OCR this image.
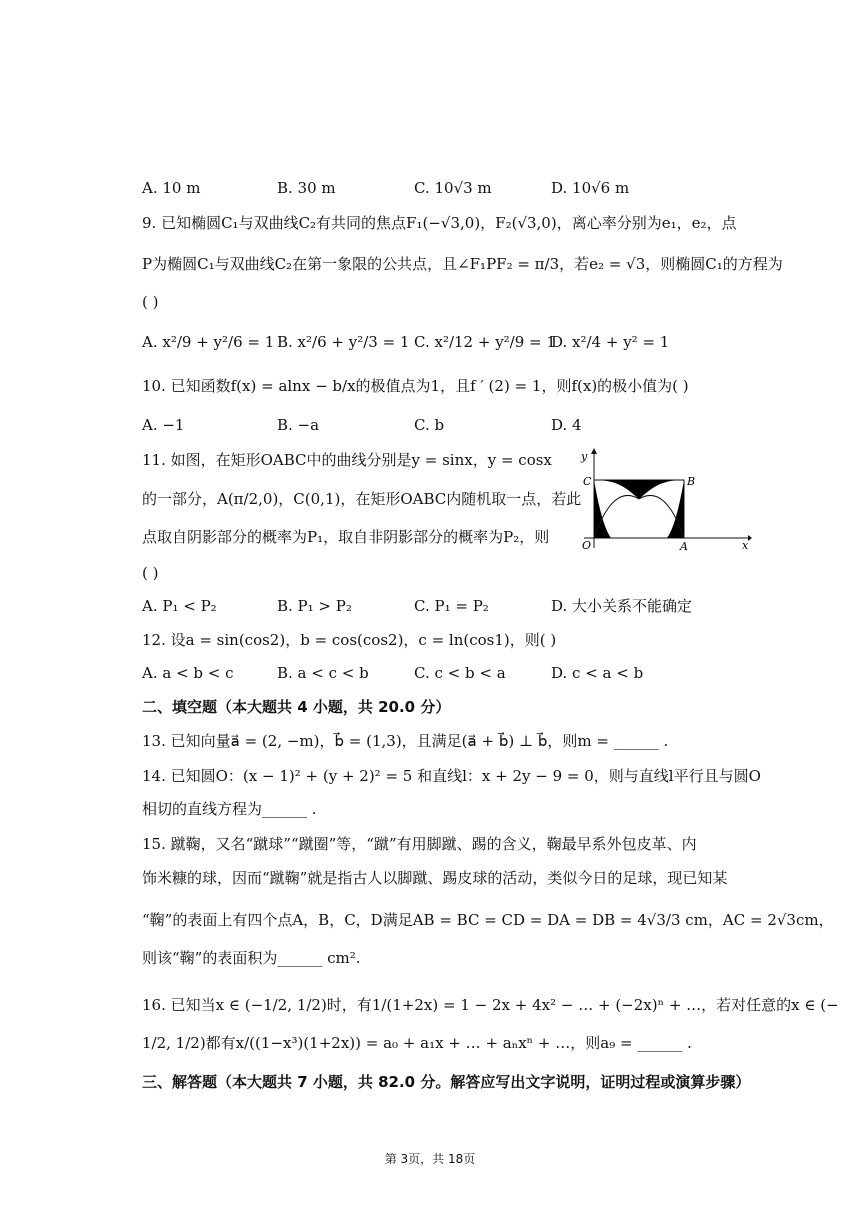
A. 10 m	B. 30 m	C. 10√3 m	D. 10√6 m
9. 已知椭圆C₁与双曲线C₂有共同的焦点F₁(−√3,0)，F₂(√3,0)，离心率分别为e₁，e₂，点
P为椭圆C₁与双曲线C₂在第一象限的公共点，且∠F₁PF₂ = π/3，若e₂ = √3，则椭圆C₁的方程为
( )
A. x²/9 + y²/6 = 1 B. x²/6 + y²/3 = 1 C. x²/12 + y²/9 = 1
D. x²/4 + y² = 1
10. 已知函数f(x) = alnx − b/x的极值点为1，且f ′ (2) = 1，则f(x)的极小值为( )
A. −1	B. −a	C. b	D. 4
11. 如图，在矩形OABC中的曲线分别是y = sinx，y = cosx
的一部分，A(π/2,0)，C(0,1)，在矩形OABC内随机取一点，若此
点取自阴影部分的概率为P₁，取自非阴影部分的概率为P₂，则
( )
y
x
O	A
B
C
A. P₁ < P₂	B. P₁ > P₂	C. P₁ = P₂	D. 大小关系不能确定
12. 设a = sin(cos2)，b = cos(cos2)，c = ln(cos1)，则( )
A. a < b < c	B. a < c < b	C. c < b < a	D. c < a < b
二、填空题（本大题共 4 小题，共 20.0 分）
13. 已知向量a⃗ = (2, −m)，b⃗ = (1,3)，且满足(a⃗ + b⃗) ⊥ b⃗，则m = ______ .
14. 已知圆O：(x − 1)² + (y + 2)² = 5 和直线l：x + 2y − 9 = 0，则与直线l平行且与圆O
相切的直线方程为______ .
15. 蹴鞠，又名“蹴球”“蹴圈”等，“蹴”有用脚蹴、踢的含义，鞠最早系外包皮革、内
饰米糠的球，因而“蹴鞠”就是指古人以脚蹴、踢皮球的活动，类似今日的足球，现已知某
“鞠”的表面上有四个点A，B，C，D满足AB = BC = CD = DA = DB = 4√3/3 cm，AC = 2√3cm，
则该“鞠”的表面积为______ cm².
16. 已知当x ∈ (−1/2, 1/2)时，有1/(1+2x) = 1 − 2x + 4x² − … + (−2x)ⁿ + …，若对任意的x ∈ (−
1/2, 1/2)都有x/((1−x³)(1+2x)) = a₀ + a₁x + … + aₙxⁿ + …，则a₉ = ______ .
三、解答题（本大题共 7 小题，共 82.0 分。解答应写出文字说明，证明过程或演算步骤）
第 3页，共 18页
